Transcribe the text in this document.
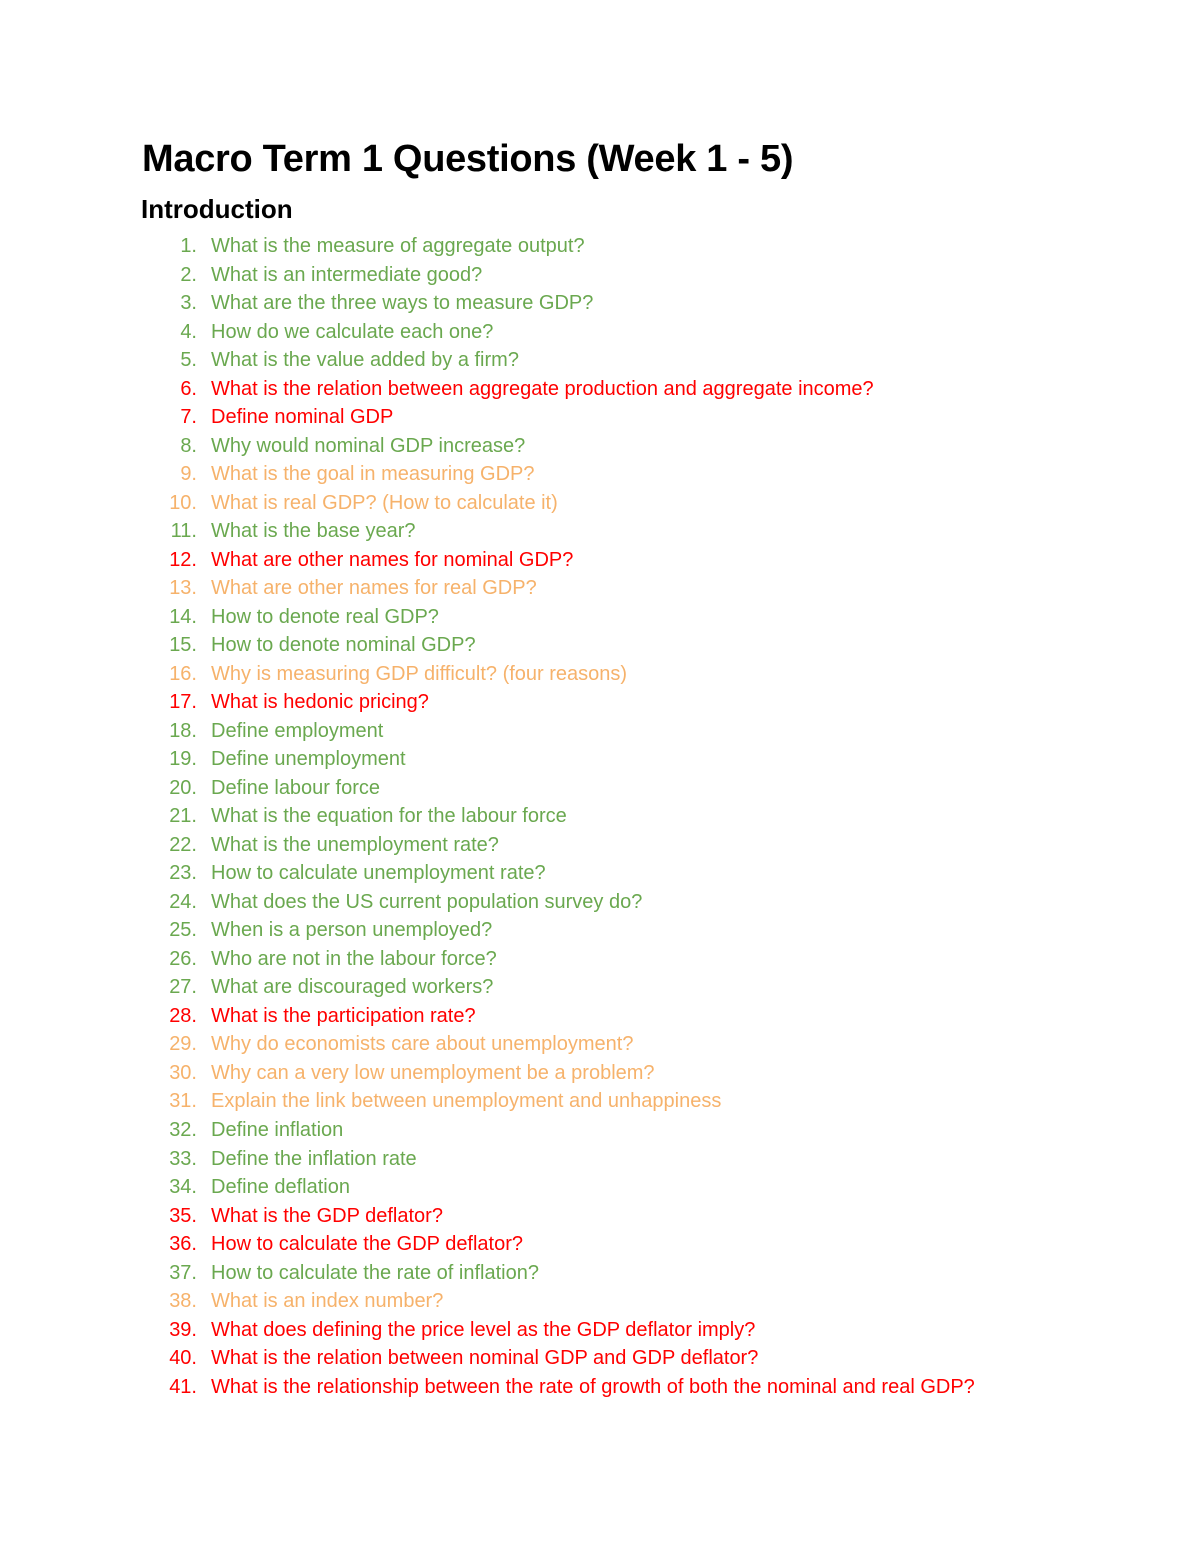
Macro Term 1 Questions (Week 1 - 5)
Introduction
1. What is the measure of aggregate output?
2. What is an intermediate good?
3. What are the three ways to measure GDP?
4. How do we calculate each one?
5. What is the value added by a firm?
6. What is the relation between aggregate production and aggregate income?
7. Define nominal GDP
8. Why would nominal GDP increase?
9. What is the goal in measuring GDP?
10. What is real GDP? (How to calculate it)
11. What is the base year?
12. What are other names for nominal GDP?
13. What are other names for real GDP?
14. How to denote real GDP?
15. How to denote nominal GDP?
16. Why is measuring GDP difficult? (four reasons)
17. What is hedonic pricing?
18. Define employment
19. Define unemployment
20. Define labour force
21. What is the equation for the labour force
22. What is the unemployment rate?
23. How to calculate unemployment rate?
24. What does the US current population survey do?
25. When is a person unemployed?
26. Who are not in the labour force?
27. What are discouraged workers?
28. What is the participation rate?
29. Why do economists care about unemployment?
30. Why can a very low unemployment be a problem?
31. Explain the link between unemployment and unhappiness
32. Define inflation
33. Define the inflation rate
34. Define deflation
35. What is the GDP deflator?
36. How to calculate the GDP deflator?
37. How to calculate the rate of inflation?
38. What is an index number?
39. What does defining the price level as the GDP deflator imply?
40. What is the relation between nominal GDP and GDP deflator?
41. What is the relationship between the rate of growth of both the nominal and real GDP?
